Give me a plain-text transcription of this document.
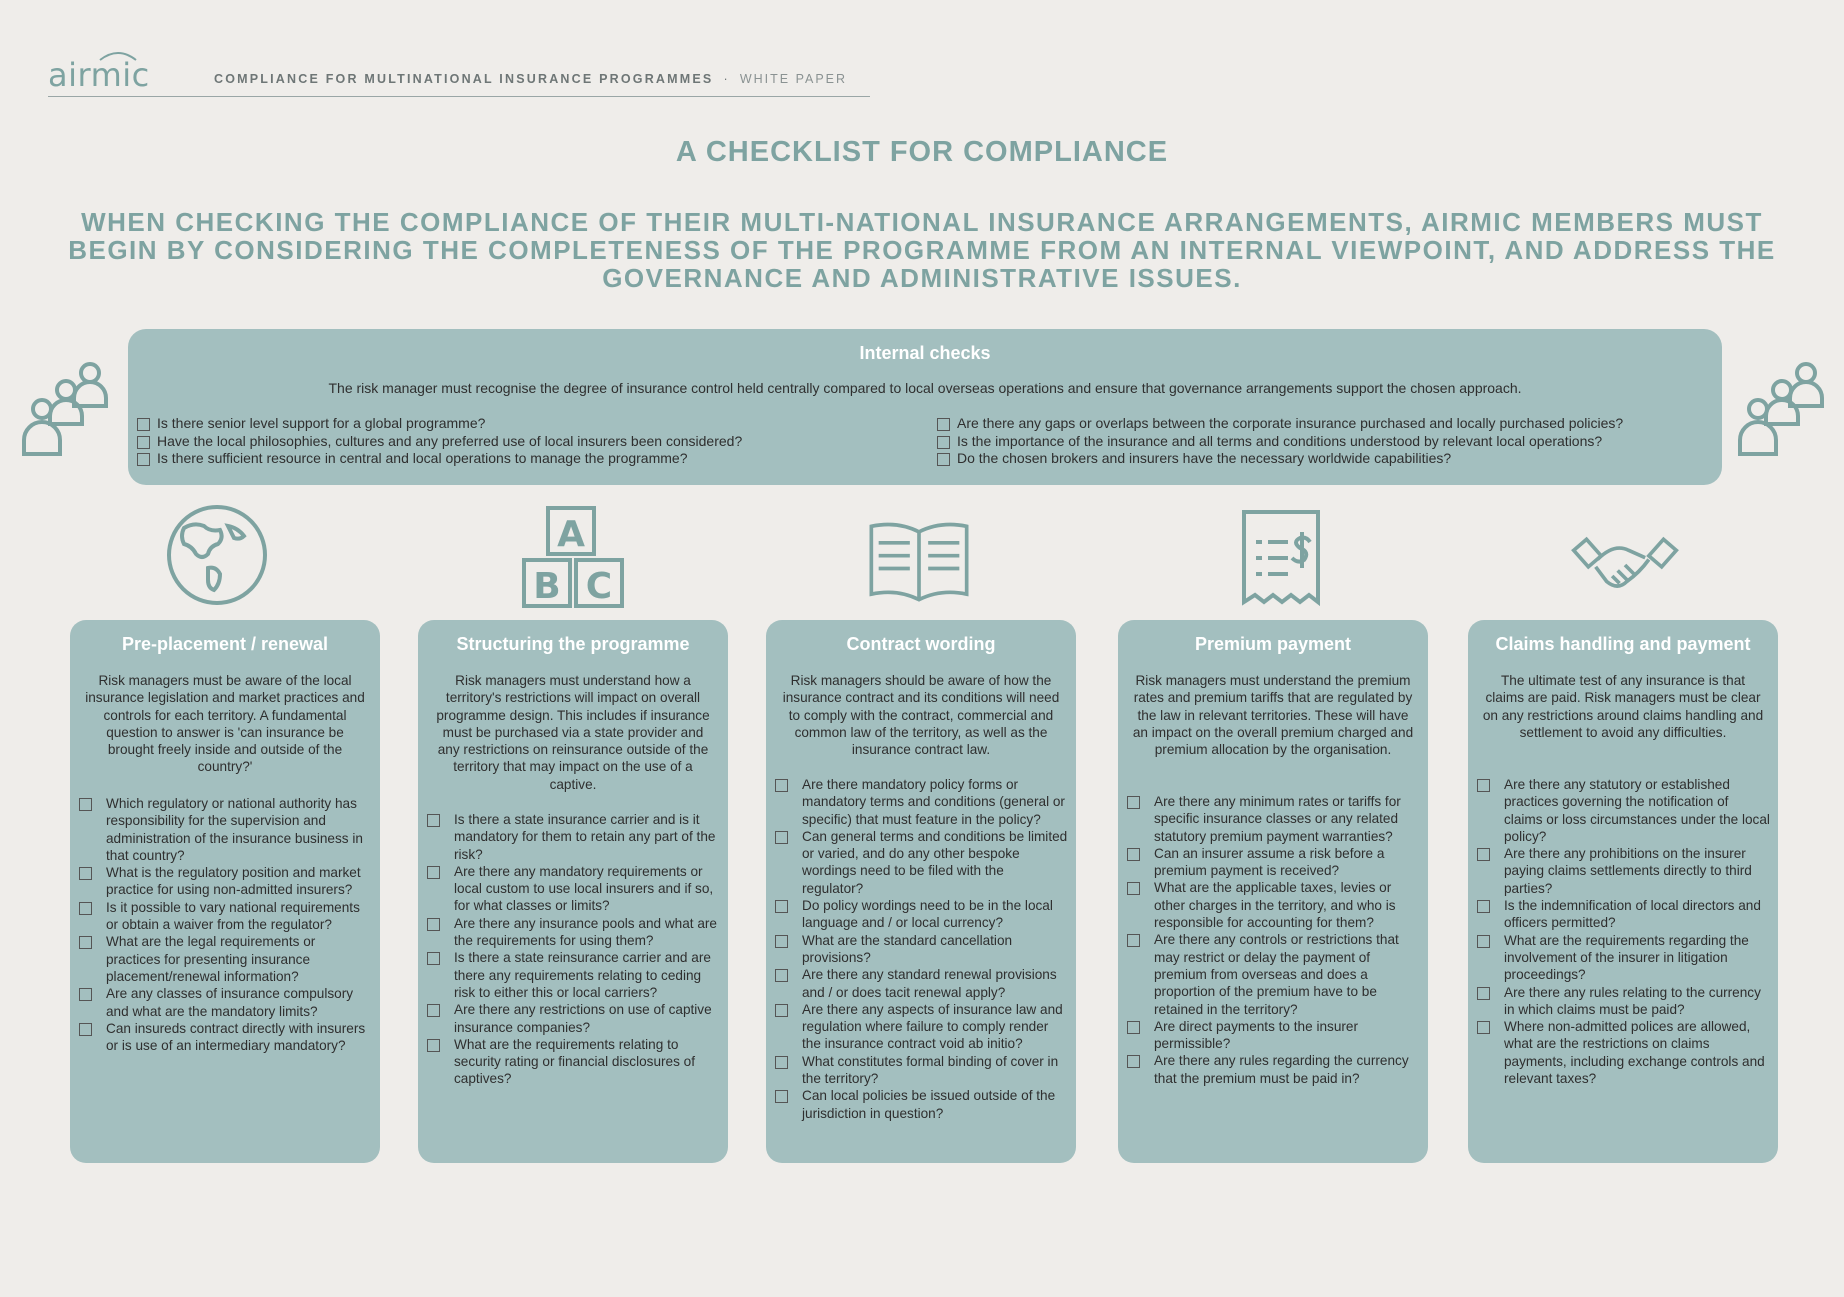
airmic	COMPLIANCE FOR MULTINATIONAL INSURANCE PROGRAMMES · WHITE PAPER
A CHECKLIST FOR COMPLIANCE
WHEN CHECKING THE COMPLIANCE OF THEIR MULTI-NATIONAL INSURANCE ARRANGEMENTS, AIRMIC MEMBERS MUST BEGIN BY CONSIDERING THE COMPLETENESS OF THE PROGRAMME FROM AN INTERNAL VIEWPOINT, AND ADDRESS THE GOVERNANCE AND ADMINISTRATIVE ISSUES.
Internal checks
The risk manager must recognise the degree of insurance control held centrally compared to local overseas operations and ensure that governance arrangements support the chosen approach.
Is there senior level support for a global programme?
Have the local philosophies, cultures and any preferred use of local insurers been considered?
Is there sufficient resource in central and local operations to manage the programme?
Are there any gaps or overlaps between the corporate insurance purchased and locally purchased policies?
Is the importance of the insurance and all terms and conditions understood by relevant local operations?
Do the chosen brokers and insurers have the necessary worldwide capabilities?
A
B C
Pre-placement / renewal

Risk managers must be aware of the local insurance legislation and market practices and controls for each territory. A fundamental question to answer is 'can insurance be brought freely inside and outside of the country?'

Which regulatory or national authority has responsibility for the supervision and administration of the insurance business in that country?
What is the regulatory position and market practice for using non-admitted insurers?
Is it possible to vary national requirements or obtain a waiver from the regulator?
What are the legal requirements or practices for presenting insurance placement/renewal information?
Are any classes of insurance compulsory and what are the mandatory limits?
Can insureds contract directly with insurers or is use of an intermediary mandatory?
Structuring the programme

Risk managers must understand how a territory's restrictions will impact on overall programme design. This includes if insurance must be purchased via a state provider and any restrictions on reinsurance outside of the territory that may impact on the use of a captive.

Is there a state insurance carrier and is it mandatory for them to retain any part of the risk?
Are there any mandatory requirements or local custom to use local insurers and if so, for what classes or limits?
Are there any insurance pools and what are the requirements for using them?
Is there a state reinsurance carrier and are there any requirements relating to ceding risk to either this or local carriers?
Are there any restrictions on use of captive insurance companies?
What are the requirements relating to security rating or financial disclosures of captives?
Contract wording

Risk managers should be aware of how the insurance contract and its conditions will need to comply with the contract, commercial and common law of the territory, as well as the insurance contract law.

Are there mandatory policy forms or mandatory terms and conditions (general or specific) that must feature in the policy?
Can general terms and conditions be limited or varied, and do any other bespoke wordings need to be filed with the regulator?
Do policy wordings need to be in the local language and / or local currency?
What are the standard cancellation provisions?
Are there any standard renewal provisions and / or does tacit renewal apply?
Are there any aspects of insurance law and regulation where failure to comply render the insurance contract void ab initio?
What constitutes formal binding of cover in the territory?
Can local policies be issued outside of the jurisdiction in question?
Premium payment

Risk managers must understand the premium rates and premium tariffs that are regulated by the law in relevant territories. These will have an impact on the overall premium charged and premium allocation by the organisation.

Are there any minimum rates or tariffs for specific insurance classes or any related statutory premium payment warranties?
Can an insurer assume a risk before a premium payment is received?
What are the applicable taxes, levies or other charges in the territory, and who is responsible for accounting for them?
Are there any controls or restrictions that may restrict or delay the payment of premium from overseas and does a proportion of the premium have to be retained in the territory?
Are direct payments to the insurer permissible?
Are there any rules regarding the currency that the premium must be paid in?
Claims handling and payment

The ultimate test of any insurance is that claims are paid. Risk managers must be clear on any restrictions around claims handling and settlement to avoid any difficulties.

Are there any statutory or established practices governing the notification of claims or loss circumstances under the local policy?
Are there any prohibitions on the insurer paying claims settlements directly to third parties?
Is the indemnification of local directors and officers permitted?
What are the requirements regarding the involvement of the insurer in litigation proceedings?
Are there any rules relating to the currency in which claims must be paid?
Where non-admitted polices are allowed, what are the restrictions on claims payments, including exchange controls and relevant taxes?
